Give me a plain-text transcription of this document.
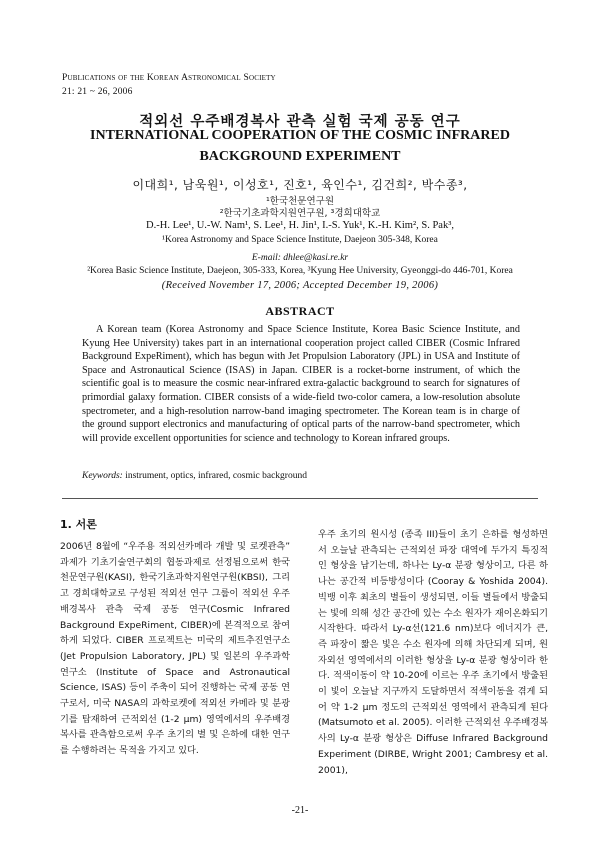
Publications of the Korean Astronomical Society
21: 21 ~ 26, 2006
적외선 우주배경복사 관측 실험 국제 공동 연구
INTERNATIONAL COOPERATION OF THE COSMIC INFRARED
BACKGROUND EXPERIMENT
이대희¹, 남욱원¹, 이성호¹, 진호¹, 육인수¹, 김건희², 박수종³,
¹한국천문연구원
²한국기초과학지원연구원, ³경희대학교
D.-H. Lee¹, U.-W. Nam¹, S. Lee¹, H. Jin¹, I.-S. Yuk¹, K.-H. Kim², S. Pak³,
¹Korea Astronomy and Space Science Institute, Daejeon 305-348, Korea
E-mail: dhlee@kasi.re.kr
²Korea Basic Science Institute, Daejeon, 305-333, Korea, ³Kyung Hee University, Gyeonggi-do 446-701, Korea
(Received November 17, 2006; Accepted December 19, 2006)
ABSTRACT

A Korean team (Korea Astronomy and Space Science Institute, Korea Basic Science Institute, and Kyung Hee University) takes part in an international cooperation project called CIBER (Cosmic Infrared Background ExpeRiment), which has begun with Jet Propulsion Laboratory (JPL) in USA and Institute of Space and Astronautical Science (ISAS) in Japan. CIBER is a rocket-borne instrument, of which the scientific goal is to measure the cosmic near-infrared extra-galactic background to search for signatures of primordial galaxy formation. CIBER consists of a wide-field two-color camera, a low-resolution absolute spectrometer, and a high-resolution narrow-band imaging spectrometer. The Korean team is in charge of the ground support electronics and manufacturing of optical parts of the narrow-band spectrometer, which will provide excellent opportunities for science and technology to Korean infrared groups.

Keywords: instrument, optics, infrared, cosmic background
1. 서론

2006년 8월에 “우주용 적외선카메라 개발 및 로켓관측” 과제가 기초기술연구회의 협동과제로 선정됨으로써 한국천문연구원(KASI), 한국기초과학지원연구원(KBSI), 그리고 경희대학교로 구성된 적외선 연구 그룹이 적외선 우주배경복사 관측 국제 공동 연구(Cosmic Infrared Background ExpeRiment, CIBER)에 본격적으로 참여하게 되었다. CIBER 프로젝트는 미국의 제트추진연구소 (Jet Propulsion Laboratory, JPL) 및 일본의 우주과학연구소 (Institute of Space and Astronautical Science, ISAS) 등이 주축이 되어 진행하는 국제 공동 연구로서, 미국 NASA의 과학로켓에 적외선 카메라 및 분광기를 탑재하여 근적외선 (1-2 μm) 영역에서의 우주배경복사를 관측함으로써 우주 초기의 별 및 은하에 대한 연구를 수행하려는 목적을 가지고 있다.

우주 초기의 원시성 (종족 III)들이 초기 은하를 형성하면서 오늘날 관측되는 근적외선 파장 대역에 두가지 특징적인 형상을 남기는데, 하나는 Ly-α 분광 형상이고, 다른 하나는 공간적 비등방성이다 (Cooray & Yoshida 2004). 빅뱅 이후 최초의 별들이 생성되면, 이들 별들에서 방출되는 빛에 의해 성간 공간에 있는 수소 원자가 재이온화되기 시작한다. 따라서 Ly-α선(121.6 nm)보다 에너지가 큰, 즉 파장이 짧은 빛은 수소 원자에 의해 차단되게 되며, 원자외선 영역에서의 이러한 형상을 Ly-α 분광 형상이라 한다. 적색이동이 약 10-20에 이르는 우주 초기에서 방출된 이 빛이 오늘날 지구까지 도달하면서 적색이동을 겪게 되어 약 1-2 μm 정도의 근적외선 영역에서 관측되게 된다 (Matsumoto et al. 2005). 이러한 근적외선 우주배경복사의 Ly-α 분광 형상은 Diffuse Infrared Background Experiment (DIRBE, Wright 2001; Cambresy et al. 2001),

-21-
